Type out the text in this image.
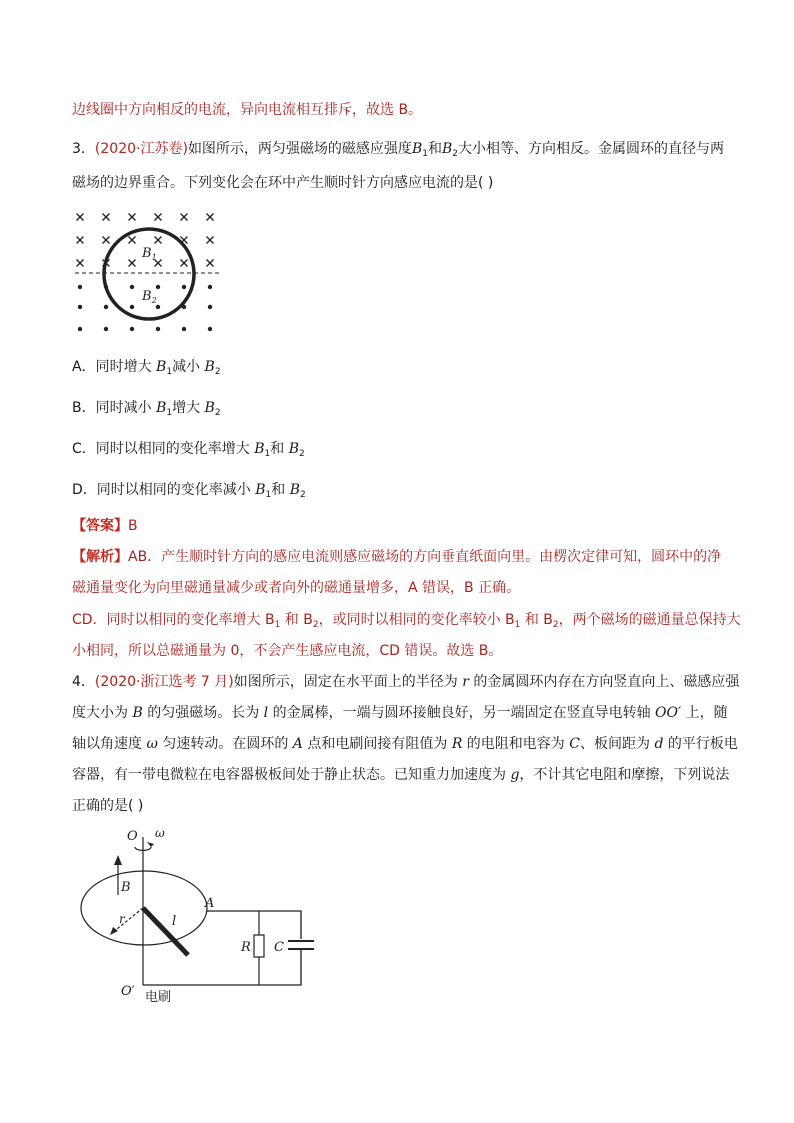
边线圈中方向相反的电流，异向电流相互排斥，故选 B。
3．(2020·江苏卷)如图所示，两匀强磁场的磁感应强度$B_1$和$B_2$大小相等、方向相反。金属圆环的直径与两
磁场的边界重合。下列变化会在环中产生顺时针方向感应电流的是( )
$B_1$
$B_2$
A．同时增大 $B_1$减小 $B_2$
B．同时减小 $B_1$增大 $B_2$
C．同时以相同的变化率增大 $B_1$和 $B_2$
D．同时以相同的变化率减小 $B_1$和 $B_2$
【答案】B
【解析】AB．产生顺时针方向的感应电流则感应磁场的方向垂直纸面向里。由楞次定律可知，圆环中的净
磁通量变化为向里磁通量减少或者向外的磁通量增多，A 错误，B 正确。
CD．同时以相同的变化率增大 $B_1$ 和 $B_2$，或同时以相同的变化率较小 $B_1$ 和 $B_2$，两个磁场的磁通量总保持大
小相同，所以总磁通量为 0，不会产生感应电流，CD 错误。故选 B。
4．(2020·浙江选考 7 月)如图所示，固定在水平面上的半径为 r 的金属圆环内存在方向竖直向上、磁感应强
度大小为 B 的匀强磁场。长为 l 的金属棒，一端与圆环接触良好，另一端固定在竖直导电转轴 OO′ 上，随
轴以角速度 ω 匀速转动。在圆环的 A 点和电刷间接有阻值为 R 的电阻和电容为 C、板间距为 d 的平行板电
容器，有一带电微粒在电容器极板间处于静止状态。已知重力加速度为 g，不计其它电阻和摩擦，下列说法
正确的是( )
O ω
B
r	l
A
R C
O′ 电刷
